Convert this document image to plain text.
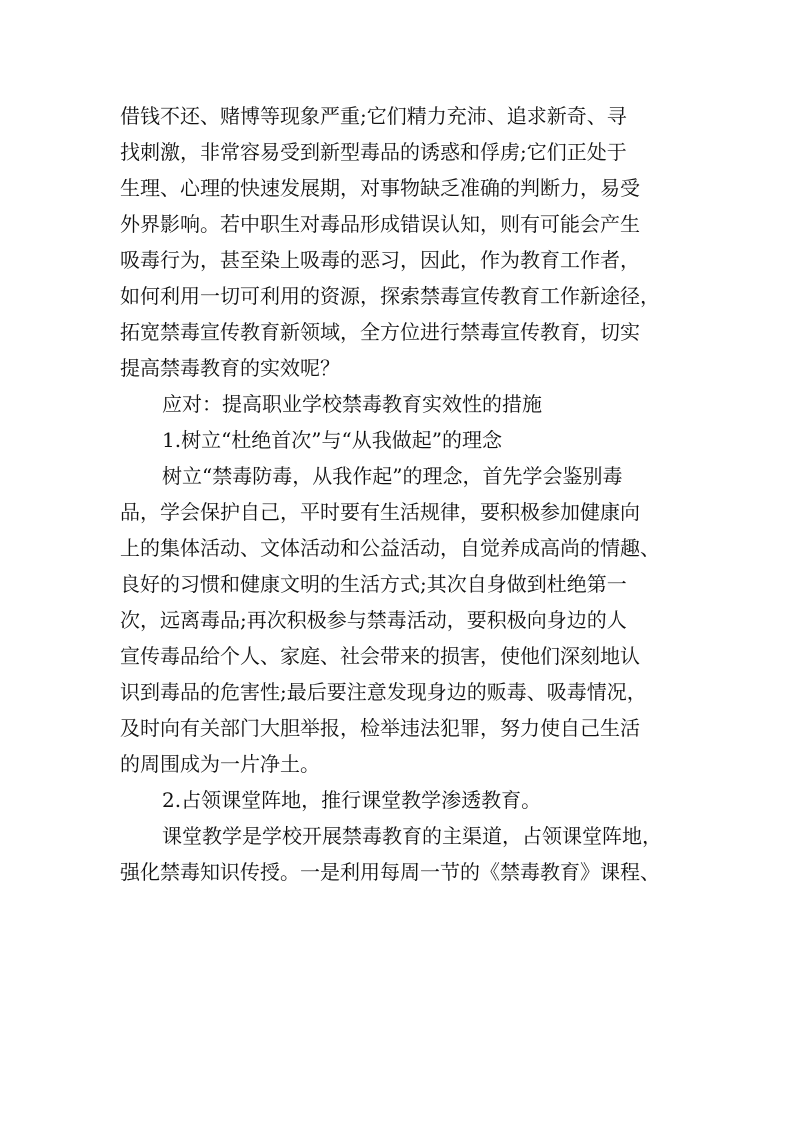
借钱不还、赌博等现象严重;它们精力充沛、追求新奇、寻

找刺激，非常容易受到新型毒品的诱惑和俘虏;它们正处于

生理、心理的快速发展期，对事物缺乏准确的判断力，易受

外界影响。若中职生对毒品形成错误认知，则有可能会产生

吸毒行为，甚至染上吸毒的恶习，因此，作为教育工作者，

如何利用一切可利用的资源，探索禁毒宣传教育工作新途径，

拓宽禁毒宣传教育新领域，全方位进行禁毒宣传教育，切实

提高禁毒教育的实效呢？

应对：提高职业学校禁毒教育实效性的措施

1.树立“杜绝首次”与“从我做起”的理念

树立“禁毒防毒，从我作起”的理念，首先学会鉴别毒

品，学会保护自己，平时要有生活规律，要积极参加健康向

上的集体活动、文体活动和公益活动，自觉养成高尚的情趣、

良好的习惯和健康文明的生活方式;其次自身做到杜绝第一

次，远离毒品;再次积极参与禁毒活动，要积极向身边的人

宣传毒品给个人、家庭、社会带来的损害，使他们深刻地认

识到毒品的危害性;最后要注意发现身边的贩毒、吸毒情况，

及时向有关部门大胆举报，检举违法犯罪，努力使自己生活

的周围成为一片净土。

2.占领课堂阵地，推行课堂教学渗透教育。

课堂教学是学校开展禁毒教育的主渠道，占领课堂阵地，

强化禁毒知识传授。一是利用每周一节的《禁毒教育》课程、
